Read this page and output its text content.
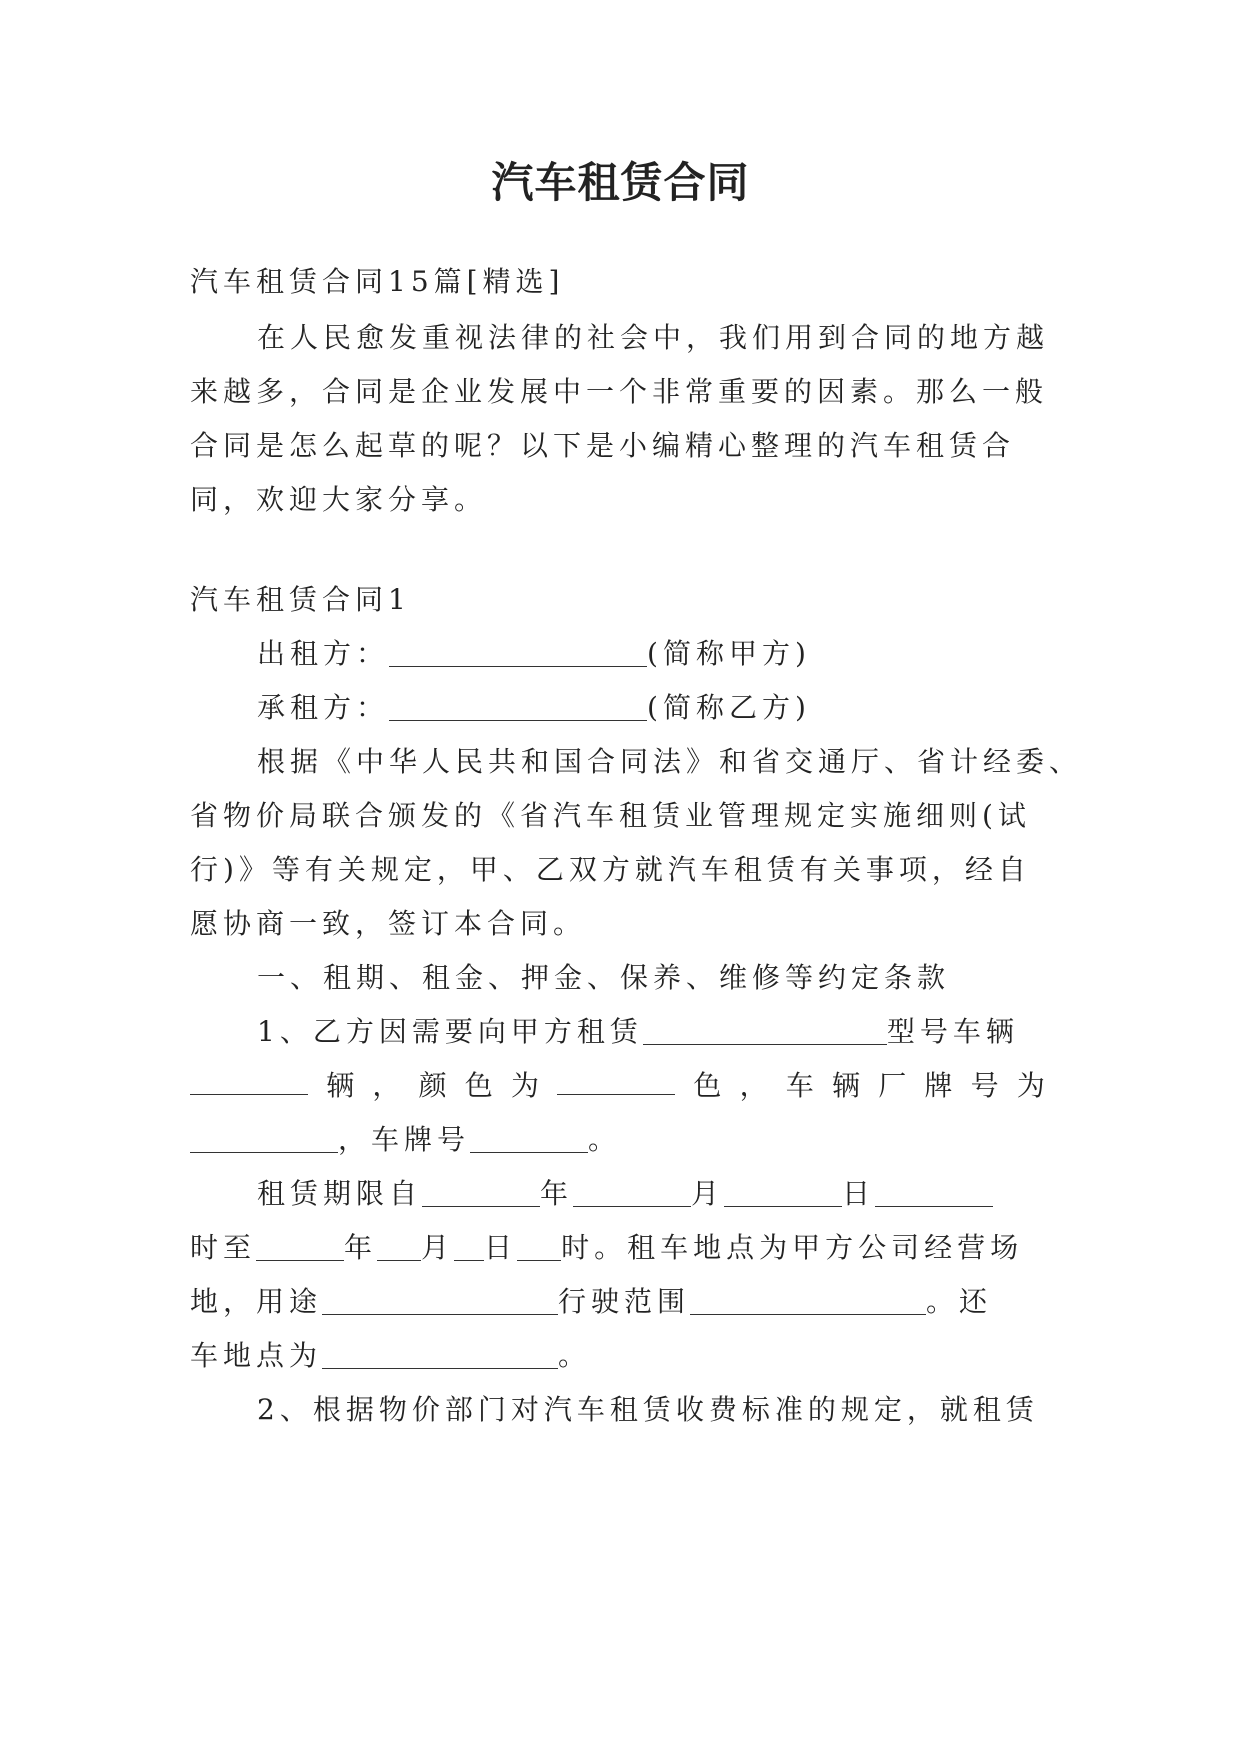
汽车租赁合同
汽车租赁合同15篇[精选]
在人民愈发重视法律的社会中，我们用到合同的地方越
来越多，合同是企业发展中一个非常重要的因素。那么一般
合同是怎么起草的呢？以下是小编精心整理的汽车租赁合
同，欢迎大家分享。
汽车租赁合同1
出租方：	(简称甲方)
承租方：	(简称乙方)
根据《中华人民共和国合同法》和省交通厅、省计经委、
省物价局联合颁发的《省汽车租赁业管理规定实施细则(试
行)》等有关规定，甲、乙双方就汽车租赁有关事项，经自
愿协商一致，签订本合同。
一、租期、租金、押金、保养、维修等约定条款
1、乙方因需要向甲方租赁	型号车辆
辆 ， 颜 色 为	色 ， 车 辆 厂 牌 号 为
，车牌号	。
租赁期限自	年	月	日
时至	年 月 日 时。租车地点为甲方公司经营场
地，用途	行驶范围	。还
车地点为	。
2、根据物价部门对汽车租赁收费标准的规定，就租赁
